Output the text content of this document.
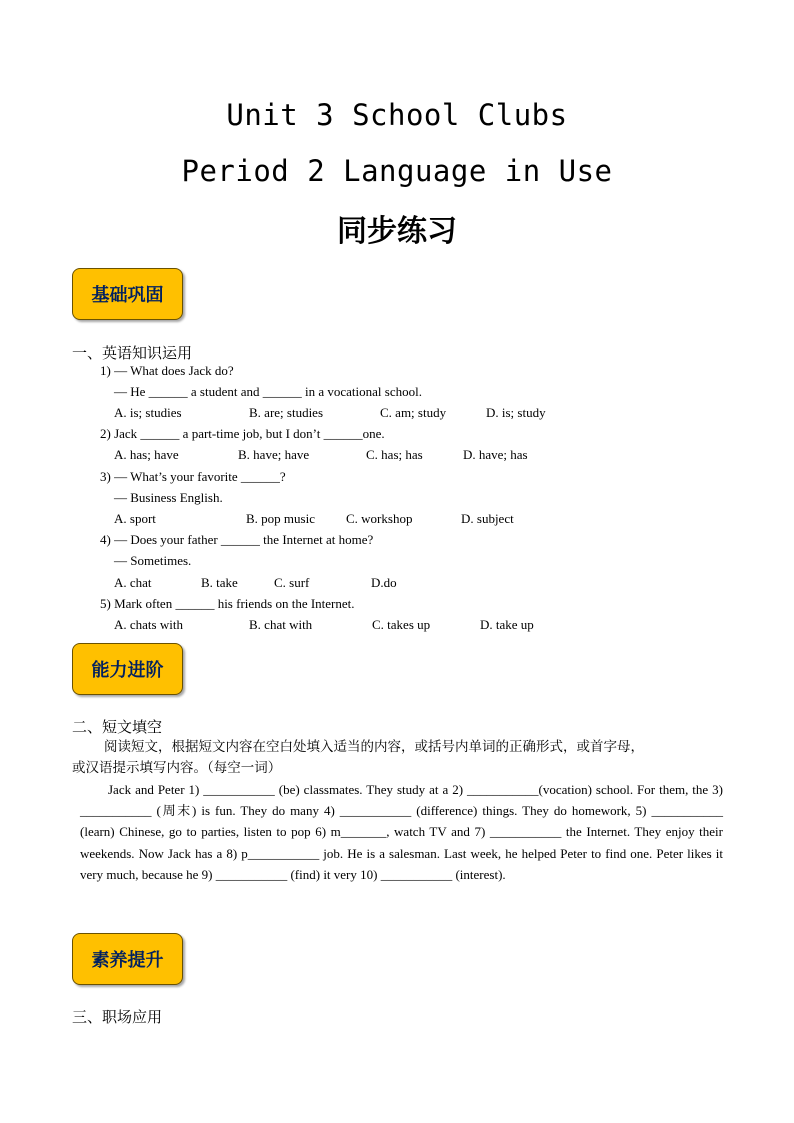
Unit 3 School Clubs
Period 2 Language in Use
同步练习
基础巩固
一、英语知识运用
1) — What does Jack do?
— He ______ a student and ______ in a vocational school.
A. is; studies	B. are; studies	C. am; study	D. is; study
2) Jack ______ a part-time job, but I don’t ______one.
A. has; have	B. have; have	C. has; has	D. have; has
3) — What’s your favorite ______?
— Business English.
A. sport	B. pop music C. workshop	D. subject
4) — Does your father ______ the Internet at home?
— Sometimes.
A. chat	B. take	C. surf	D.do
5) Mark often ______ his friends on the Internet.
A. chats with	B. chat with	C. takes up	D. take up
能力进阶
二、短文填空
阅读短文，根据短文内容在空白处填入适当的内容，或括号内单词的正确形式，或首字母，
或汉语提示填写内容。（每空一词）

Jack and Peter 1) ___________ (be) classmates. They study at a 2) ___________(vocation) school. For them, the 3) ___________ (周末) is fun. They do many 4) ___________ (difference) things. They do homework, 5) ___________ (learn) Chinese, go to parties, listen to pop 6) m_______, watch TV and 7) ___________ the Internet. They enjoy their weekends. Now Jack has a 8) p___________ job. He is a salesman. Last week, he helped Peter to find one. Peter likes it very much, because he 9) ___________ (find) it very 10) ___________ (interest).

素养提升
三、职场应用
